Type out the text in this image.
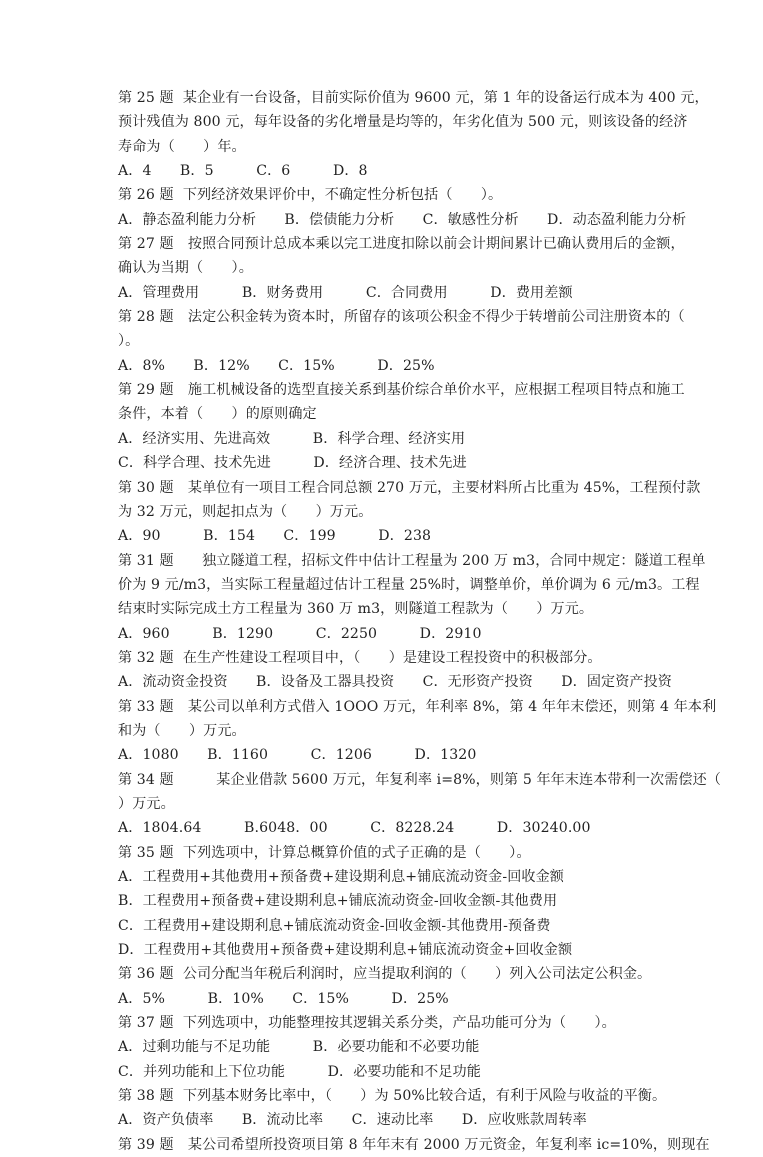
第 25 题  某企业有一台设备，目前实际价值为 9600 元，第 1 年的设备运行成本为 400 元，
预计残值为 800 元，每年设备的劣化增量是均等的，年劣化值为 500 元，则该设备的经济
寿命为（　　）年。
A．4　　B．5　　　C．6　　　D．8
第 26 题  下列经济效果评价中，不确定性分析包括（　　）。
A．静态盈利能力分析　　B．偿债能力分析　　C．敏感性分析　　D．动态盈利能力分析
第 27 题　按照合同预计总成本乘以完工进度扣除以前会计期间累计已确认费用后的金额，
确认为当期（　　）。
A．管理费用　　　B．财务费用　　　C．合同费用　　　D．费用差额
第 28 题　法定公积金转为资本时，所留存的该项公积金不得少于转增前公司注册资本的（
）。
A．8%　　B．12%　　C．15%　　　D．25%
第 29 题　施工机械设备的选型直接关系到基价综合单价水平，应根据工程项目特点和施工
条件，本着（　　）的原则确定
A．经济实用、先进高效　　　B．科学合理、经济实用
C．科学合理、技术先进　　　D．经济合理、技术先进
第 30 题　某单位有一项目工程合同总额 270 万元，主要材料所占比重为 45%，工程预付款
为 32 万元，则起扣点为（　　）万元。
A．90　　　B．154　　C．199　　　D．238
第 31 题　　独立隧道工程，招标文件中估计工程量为 200 万 m3，合同中规定：隧道工程单
价为 9 元/m3，当实际工程量超过估计工程量 25%时，调整单价，单价调为 6 元/m3。工程
结束时实际完成土方工程量为 360 万 m3，则隧道工程款为（　　）万元。
A．960　　　B．1290　　　C．2250　　　D．2910
第 32 题  在生产性建设工程项目中，（　　）是建设工程投资中的积极部分。
A．流动资金投资　　B．设备及工器具投资　　C．无形资产投资　　D．固定资产投资
第 33 题　某公司以单利方式借入 1OOO 万元，年利率 8%，第 4 年年末偿还，则第 4 年本利
和为（　　）万元。
A．1080　　B．1160　　　C．1206　　　D．1320
第 34 题　　　某企业借款 5600 万元，年复利率 i=8%，则第 5 年年末连本带利一次需偿还（
）万元。
A．1804.64　　　B.6048．00　　　C．8228.24　　　D．30240.00
第 35 题  下列选项中，计算总概算价值的式子正确的是（　　）。
A．工程费用+其他费用+预备费+建设期利息+铺底流动资金-回收金额
B．工程费用+预备费+建设期利息+铺底流动资金-回收金额-其他费用
C．工程费用+建设期利息+铺底流动资金-回收金额-其他费用-预备费
D．工程费用+其他费用+预备费+建设期利息+铺底流动资金+回收金额
第 36 题  公司分配当年税后利润时，应当提取利润的（　　）列入公司法定公积金。
A．5%　　　B．10%　　C．15%　　　D．25%
第 37 题  下列选项中，功能整理按其逻辑关系分类，产品功能可分为（　　）。
A．过剩功能与不足功能　　　B．必要功能和不必要功能
C．并列功能和上下位功能　　　D．必要功能和不足功能
第 38 题  下列基本财务比率中，（　　）为 50%比较合适，有利于风险与收益的平衡。
A．资产负债率　　B．流动比率　　C．速动比率　　D．应收账款周转率
第 39 题　某公司希望所投资项目第 8 年年末有 2000 万元资金，年复利率 ic=10%，则现在
